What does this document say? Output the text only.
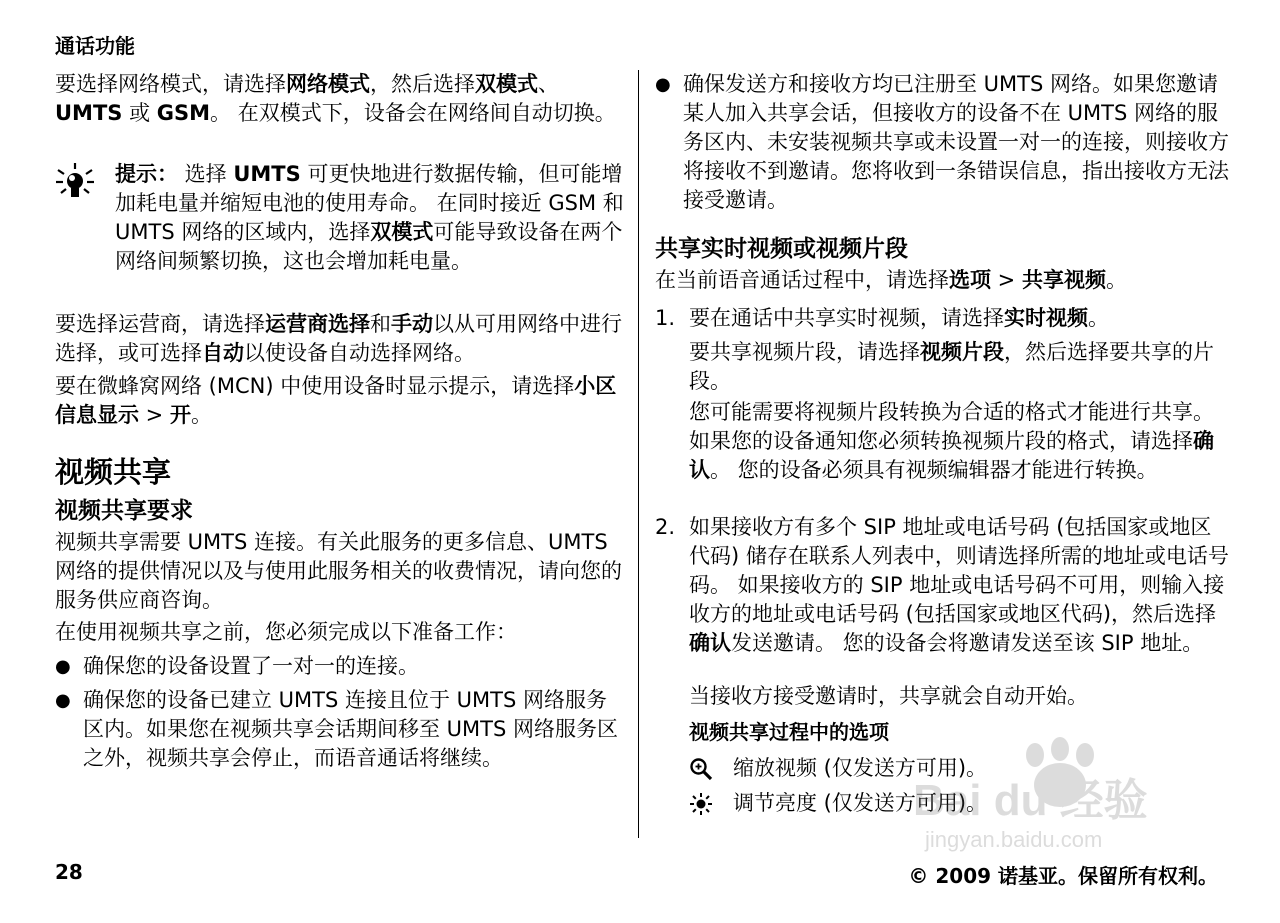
通话功能

要选择网络模式，请选择网络模式，然后选择双模式、UMTS 或 GSM。 在双模式下，设备会在网络间自动切换。

提示： 选择 UMTS 可更快地进行数据传输，但可能增加耗电量并缩短电池的使用寿命。 在同时接近 GSM 和 UMTS 网络的区域内，选择双模式可能导致设备在两个网络间频繁切换，这也会增加耗电量。

要选择运营商，请选择运营商选择和手动以从可用网络中进行选择，或可选择自动以使设备自动选择网络。

要在微蜂窝网络 (MCN) 中使用设备时显示提示，请选择小区信息显示 > 开。

视频共享
视频共享要求

视频共享需要 UMTS 连接。有关此服务的更多信息、UMTS 网络的提供情况以及与使用此服务相关的收费情况，请向您的服务供应商咨询。

在使用视频共享之前，您必须完成以下准备工作：

● 确保您的设备设置了一对一的连接。

● 确保您的设备已建立 UMTS 连接且位于 UMTS 网络服务区内。如果您在视频共享会话期间移至 UMTS 网络服务区之外，视频共享会停止，而语音通话将继续。

● 确保发送方和接收方均已注册至 UMTS 网络。如果您邀请某人加入共享会话，但接收方的设备不在 UMTS 网络的服务区内、未安装视频共享或未设置一对一的连接，则接收方将接收不到邀请。您将收到一条错误信息，指出接收方无法接受邀请。

共享实时视频或视频片段

在当前语音通话过程中，请选择选项 > 共享视频。

1. 要在通话中共享实时视频，请选择实时视频。

要共享视频片段，请选择视频片段，然后选择要共享的片段。

您可能需要将视频片段转换为合适的格式才能进行共享。 如果您的设备通知您必须转换视频片段的格式，请选择确认。 您的设备必须具有视频编辑器才能进行转换。

2. 如果接收方有多个 SIP 地址或电话号码 (包括国家或地区代码) 储存在联系人列表中，则请选择所需的地址或电话号码。 如果接收方的 SIP 地址或电话号码不可用，则输入接收方的地址或电话号码 (包括国家或地区代码)，然后选择确认发送邀请。 您的设备会将邀请发送至该 SIP 地址。

当接收方接受邀请时，共享就会自动开始。

视频共享过程中的选项

缩放视频 (仅发送方可用)。

调节亮度 (仅发送方可用)。

Bai du 经验
jingyan.baidu.com
28	© 2009 诺基亚。保留所有权利。
